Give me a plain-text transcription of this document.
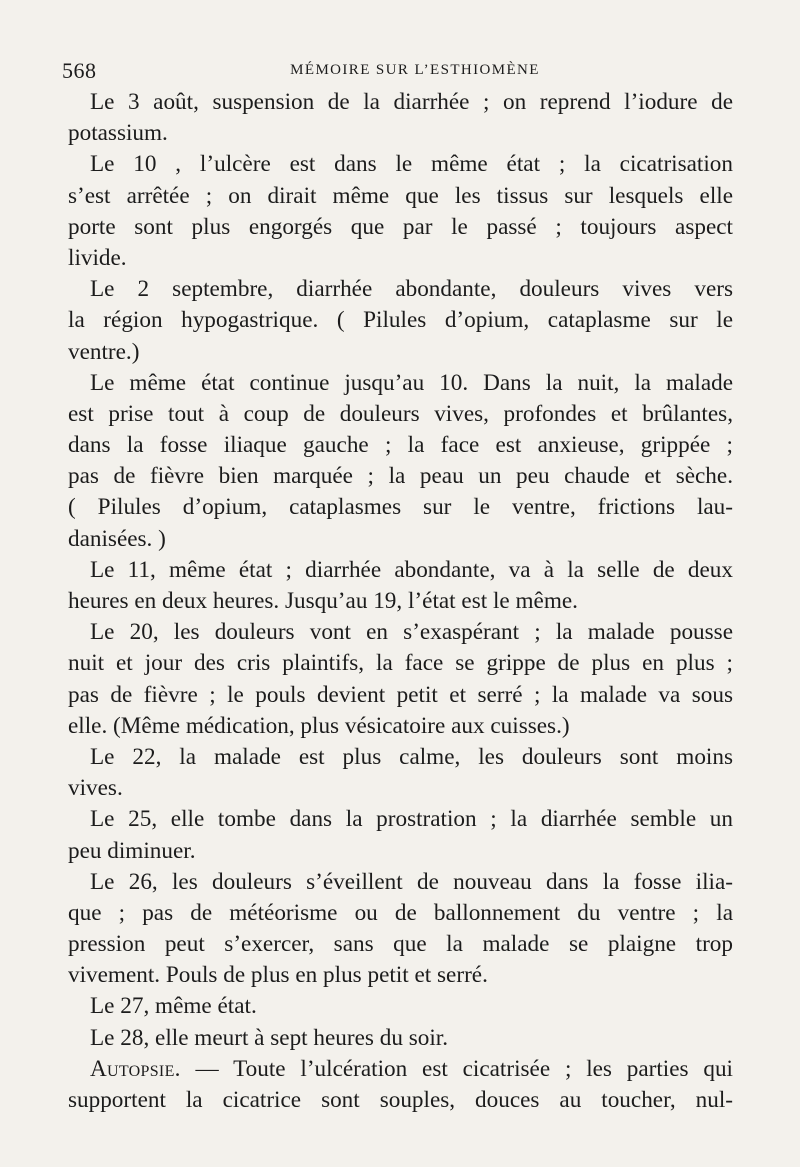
568	MÉMOIRE SUR L’ESTHIOMÈNE
Le 3 août, suspension de la diarrhée ; on reprend l’iodure de
potassium.
Le 10 , l’ulcère est dans le même état ; la cicatrisation
s’est arrêtée ; on dirait même que les tissus sur lesquels elle
porte sont plus engorgés que par le passé ; toujours aspect
livide.
Le 2 septembre, diarrhée abondante, douleurs vives vers
la région hypogastrique. ( Pilules d’opium, cataplasme sur le
ventre.)
Le même état continue jusqu’au 10. Dans la nuit, la malade
est prise tout à coup de douleurs vives, profondes et brûlantes,
dans la fosse iliaque gauche ; la face est anxieuse, grippée ;
pas de fièvre bien marquée ; la peau un peu chaude et sèche.
( Pilules d’opium, cataplasmes sur le ventre, frictions lau-
danisées. )
Le 11, même état ; diarrhée abondante, va à la selle de deux
heures en deux heures. Jusqu’au 19, l’état est le même.
Le 20, les douleurs vont en s’exaspérant ; la malade pousse
nuit et jour des cris plaintifs, la face se grippe de plus en plus ;
pas de fièvre ; le pouls devient petit et serré ; la malade va sous
elle. (Même médication, plus vésicatoire aux cuisses.)
Le 22, la malade est plus calme, les douleurs sont moins
vives.
Le 25, elle tombe dans la prostration ; la diarrhée semble un
peu diminuer.
Le 26, les douleurs s’éveillent de nouveau dans la fosse ilia-
que ; pas de météorisme ou de ballonnement du ventre ; la
pression peut s’exercer, sans que la malade se plaigne trop
vivement. Pouls de plus en plus petit et serré.
Le 27, même état.
Le 28, elle meurt à sept heures du soir.
Autopsie. — Toute l’ulcération est cicatrisée ; les parties qui
supportent la cicatrice sont souples, douces au toucher, nul-
